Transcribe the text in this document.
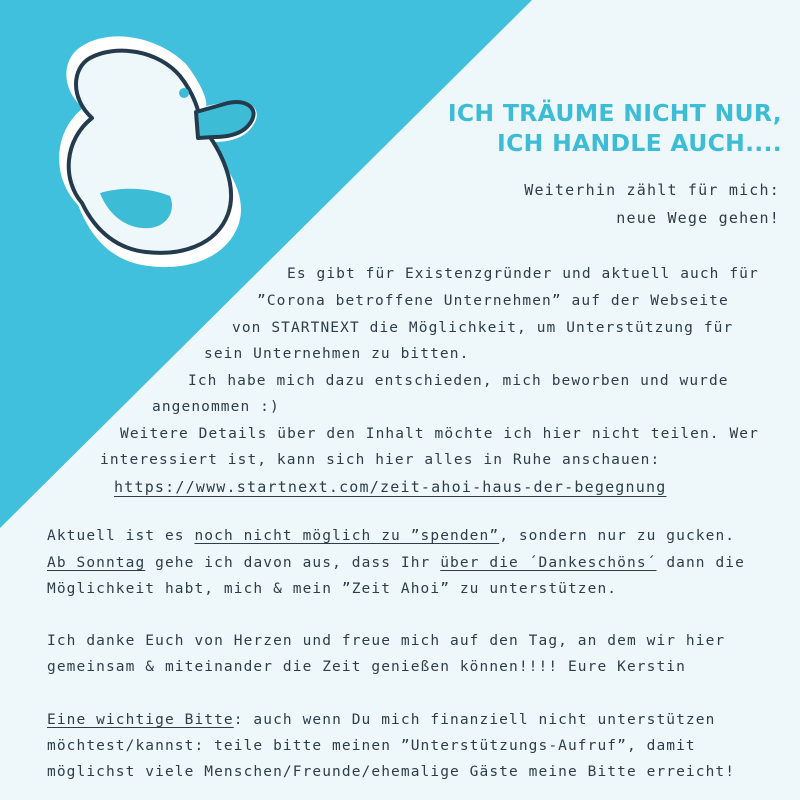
ICH TRÄUME NICHT NUR,
ICH HANDLE AUCH....
Weiterhin zählt für mich:
neue Wege gehen!
Es gibt für Existenzgründer und aktuell auch für
”Corona betroffene Unternehmen” auf der Webseite
von STARTNEXT die Möglichkeit, um Unterstützung für
sein Unternehmen zu bitten.
Ich habe mich dazu entschieden, mich beworben und wurde
angenommen :)
Weitere Details über den Inhalt möchte ich hier nicht teilen. Wer
interessiert ist, kann sich hier alles in Ruhe anschauen:
https://www.startnext.com/zeit-ahoi-haus-der-begegnung
Aktuell ist es noch nicht möglich zu ”spenden”, sondern nur zu gucken.
Ab Sonntag gehe ich davon aus, dass Ihr über die ´Dankeschöns´ dann die
Möglichkeit habt, mich & mein ”Zeit Ahoi” zu unterstützen.
Ich danke Euch von Herzen und freue mich auf den Tag, an dem wir hier
gemeinsam & miteinander die Zeit genießen können!!!! Eure Kerstin
Eine wichtige Bitte: auch wenn Du mich finanziell nicht unterstützen
möchtest/kannst: teile bitte meinen ”Unterstützungs-Aufruf”, damit
möglichst viele Menschen/Freunde/ehemalige Gäste meine Bitte erreicht!
